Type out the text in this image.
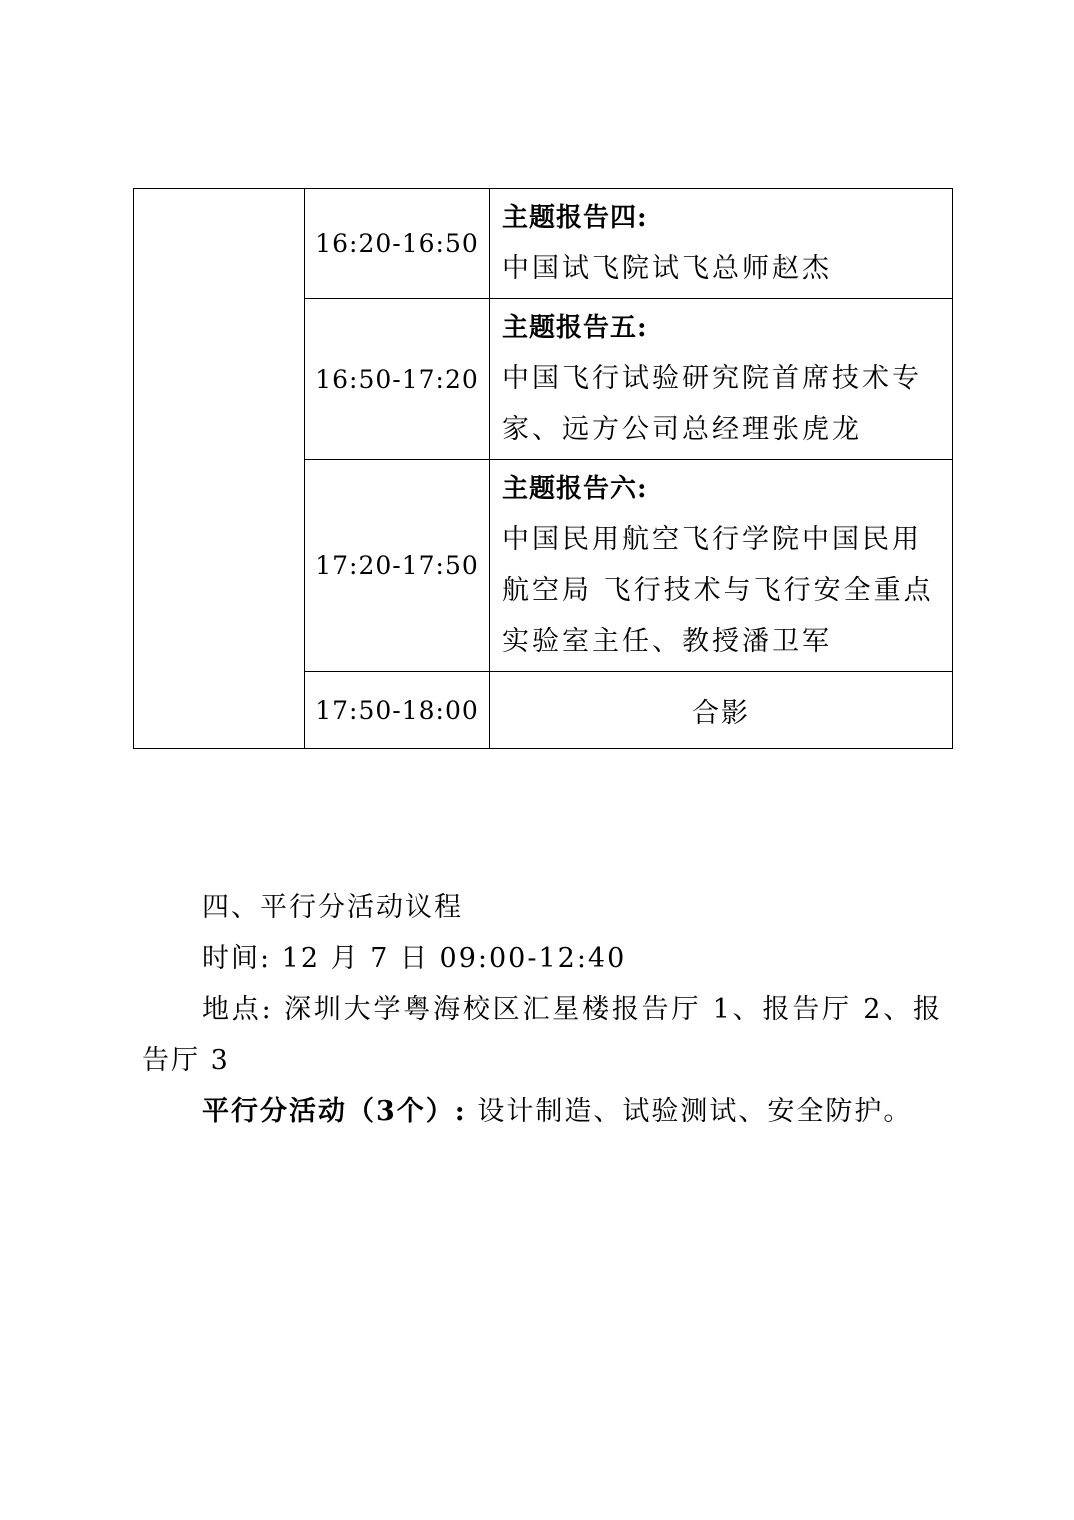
	16:20-16:50	主题报告四:
中国试飞院试飞总师赵杰

	16:50-17:20	主题报告五:
中国飞行试验研究院首席技术专家、远方公司总经理张虎龙

	17:20-17:50	主题报告六:
中国民用航空飞行学院中国民用航空局 飞行技术与飞行安全重点实验室主任、教授潘卫军

	17:50-18:00	合影

四、平行分活动议程

时间: 12 月 7 日 09:00-12:40

地点: 深圳大学粤海校区汇星楼报告厅 1、报告厅 2、报告厅 3

平行分活动（3个）: 设计制造、试验测试、安全防护。
